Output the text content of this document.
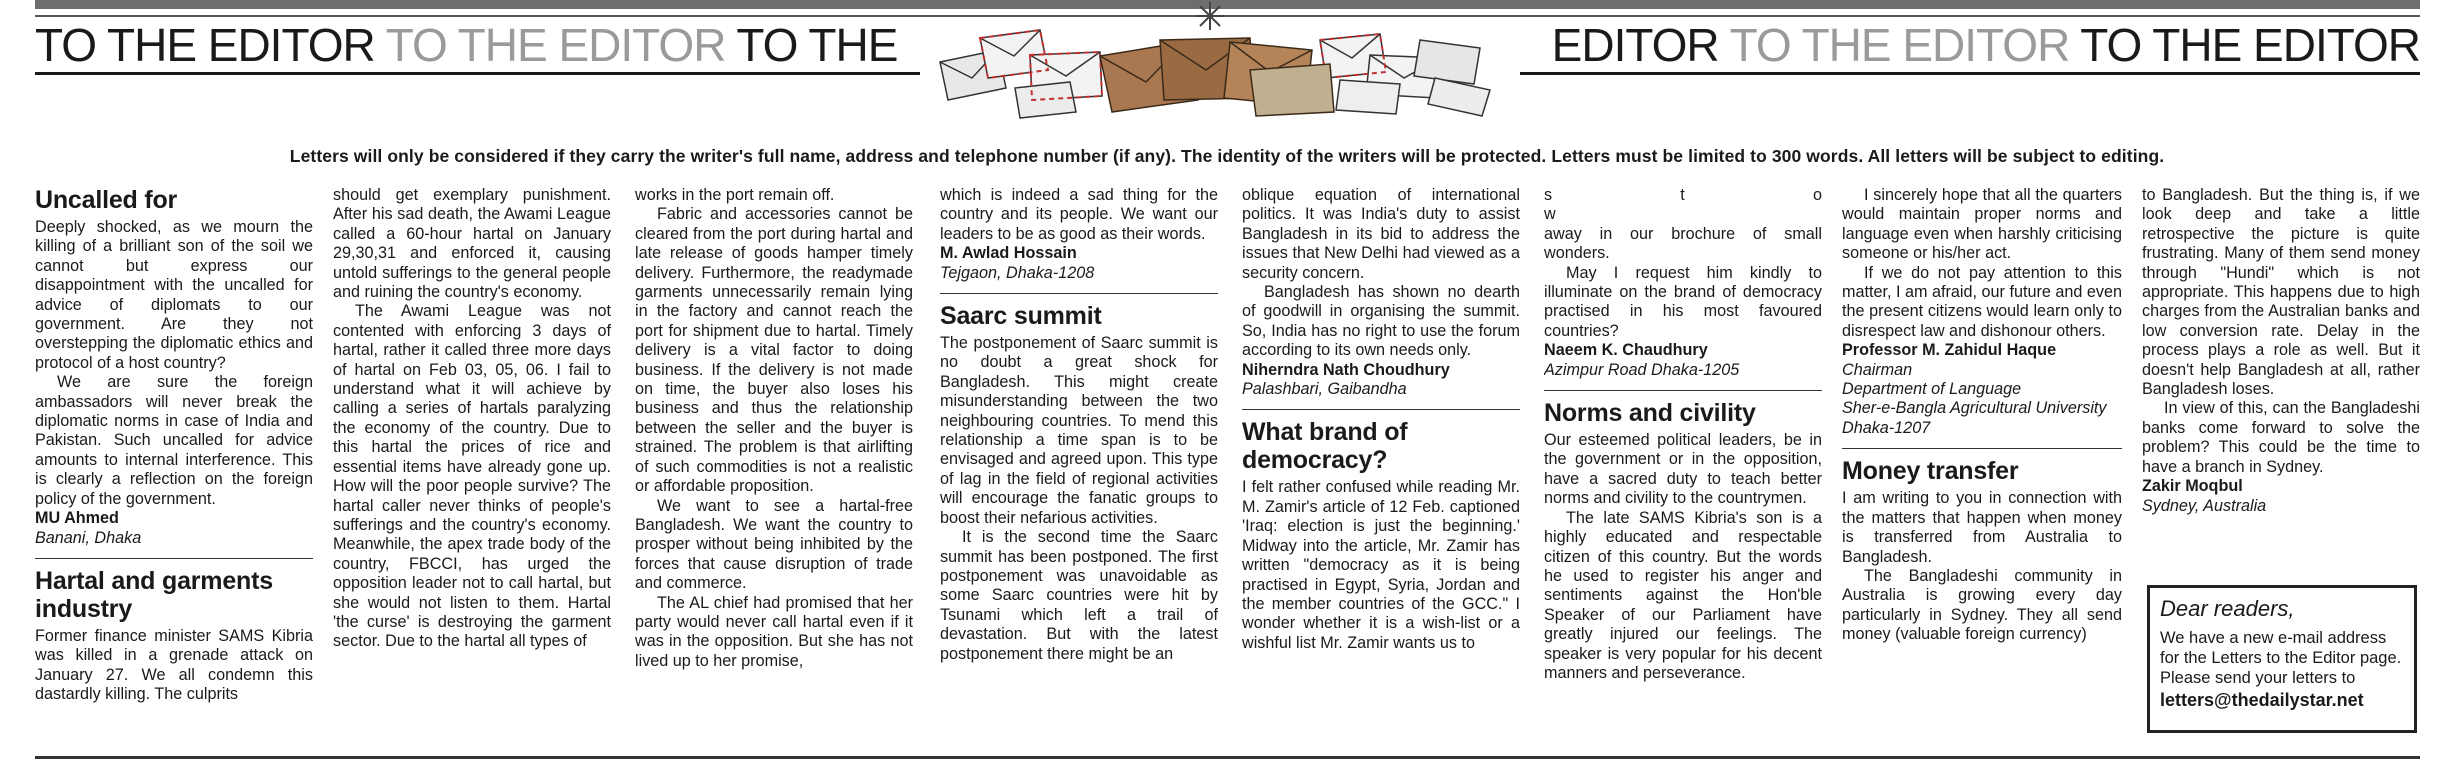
TO THE EDITOR TO THE EDITOR TO THE	EDITOR TO THE EDITOR TO THE EDITOR
Letters will only be considered if they carry the writer's full name, address and telephone number (if any). The identity of the writers will be protected. Letters must be limited to 300 words. All letters will be subject to editing.
Uncalled for

Deeply shocked, as we mourn the killing of a brilliant son of the soil we cannot but express our disappointment with the uncalled for advice of diplomats to our government. Are they not overstepping the diplomatic ethics and protocol of a host country?

We are sure the foreign ambassadors will never break the diplomatic norms in case of India and Pakistan. Such uncalled for advice amounts to internal interference. This is clearly a reflection on the foreign policy of the government.

MU Ahmed
Banani, Dhaka
Hartal and garments industry

Former finance minister SAMS Kibria was killed in a grenade attack on January 27. We all condemn this dastardly killing. The culprits

should get exemplary punishment. After his sad death, the Awami League called a 60-hour hartal on January 29,30,31 and enforced it, causing untold sufferings to the general people and ruining the country's economy.

The Awami League was not contented with enforcing 3 days of hartal, rather it called three more days of hartal on Feb 03, 05, 06. I fail to understand what it will achieve by calling a series of hartals paralyzing the economy of the country. Due to this hartal the prices of rice and essential items have already gone up. How will the poor people survive? The hartal caller never thinks of people's sufferings and the country's economy. Meanwhile, the apex trade body of the country, FBCCI, has urged the opposition leader not to call hartal, but she would not listen to them. Hartal 'the curse' is destroying the garment sector. Due to the hartal all types of

works in the port remain off.

Fabric and accessories cannot be cleared from the port during hartal and late release of goods hamper timely delivery. Furthermore, the readymade garments unnecessarily remain lying in the factory and cannot reach the port for shipment due to hartal. Timely delivery is a vital factor to doing business. If the delivery is not made on time, the buyer also loses his business and thus the relationship between the seller and the buyer is strained. The problem is that airlifting of such commodities is not a realistic or affordable proposition.

We want to see a hartal-free Bangladesh. We want the country to prosper without being inhibited by the forces that cause disruption of trade and commerce.

The AL chief had promised that her party would never call hartal even if it was in the opposition. But she has not lived up to her promise,

which is indeed a sad thing for the country and its people. We want our leaders to be as good as their words.

M. Awlad Hossain
Tejgaon, Dhaka-1208
Saarc summit

The postponement of Saarc summit is no doubt a great shock for Bangladesh. This might create misunderstanding between the two neighbouring countries. To mend this relationship a time span is to be envisaged and agreed upon. This type of lag in the field of regional activities will encourage the fanatic groups to boost their nefarious activities.

It is the second time the Saarc summit has been postponed. The first postponement was unavoidable as some Saarc countries were hit by Tsunami which left a trail of devastation. But with the latest postponement there might be an

oblique equation of international politics. It was India's duty to assist Bangladesh in its bid to address the issues that New Delhi had viewed as a security concern.

Bangladesh has shown no dearth of goodwill in organising the summit. So, India has no right to use the forum according to its own needs only.

Niherndra Nath Choudhury
Palashbari, Gaibandha
What brand of democracy?

I felt rather confused while reading Mr. M. Zamir's article of 12 Feb. captioned 'Iraq: election is just the beginning.' Midway into the article, Mr. Zamir has written "democracy as it is being practised in Egypt, Syria, Jordan and the member countries of the GCC." I wonder whether it is a wish-list or a wishful list Mr. Zamir wants us to

s t o w

away in our brochure of small wonders.

May I request him kindly to illuminate on the brand of democracy practised in his most favoured countries?

Naeem K. Chaudhury
Azimpur Road Dhaka-1205
Norms and civility

Our esteemed political leaders, be in the government or in the opposition, have a sacred duty to teach better norms and civility to the countrymen.

The late SAMS Kibria's son is a highly educated and respectable citizen of this country. But the words he used to register his anger and sentiments against the Hon'ble Speaker of our Parliament have greatly injured our feelings. The speaker is very popular for his decent manners and perseverance.

I sincerely hope that all the quarters would maintain proper norms and language even when harshly criticising someone or his/her act.

If we do not pay attention to this matter, I am afraid, our future and even the present citizens would learn only to disrespect law and dishonour others.

Professor M. Zahidul Haque
Chairman
Department of Language
Sher-e-Bangla Agricultural University
Dhaka-1207
Money transfer

I am writing to you in connection with the matters that happen when money is transferred from Australia to Bangladesh.

The Bangladeshi community in Australia is growing every day particularly in Sydney. They all send money (valuable foreign currency)

to Bangladesh. But the thing is, if we look deep and take a little retrospective the picture is quite frustrating. Many of them send money through "Hundi" which is not appropriate. This happens due to high charges from the Australian banks and low conversion rate. Delay in the process plays a role as well. But it doesn't help Bangladesh at all, rather Bangladesh loses.

In view of this, can the Bangladeshi banks come forward to solve the problem? This could be the time to have a branch in Sydney.

Zakir Moqbul
Sydney, Australia
Dear readers,
We have a new e-mail address for the Letters to the Editor page. Please send your letters to
letters@thedailystar.net
